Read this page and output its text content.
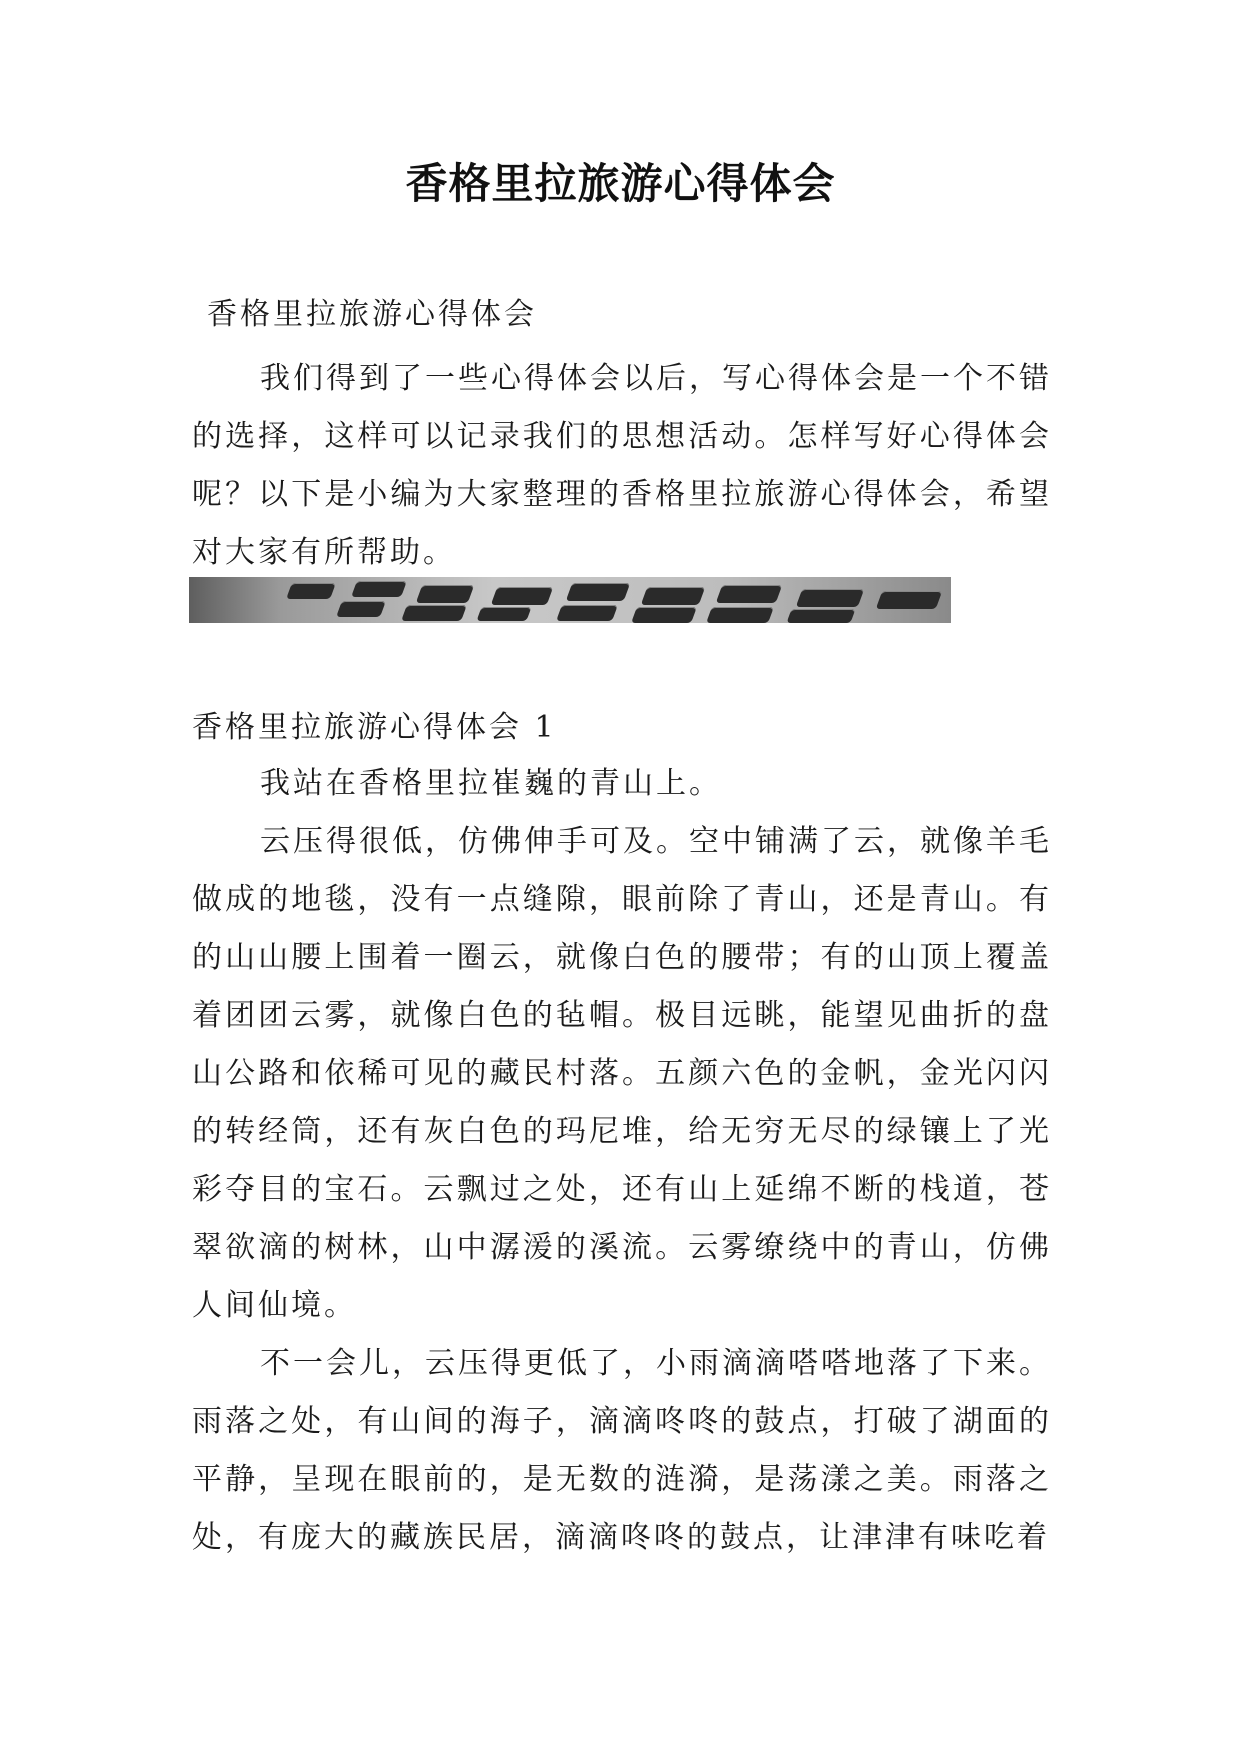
香格里拉旅游心得体会
香格里拉旅游心得体会

我们得到了一些心得体会以后，写心得体会是一个不错的选择，这样可以记录我们的思想活动。怎样写好心得体会呢？以下是小编为大家整理的香格里拉旅游心得体会，希望对大家有所帮助。

香格里拉旅游心得体会 1

我站在香格里拉崔巍的青山上。

云压得很低，仿佛伸手可及。空中铺满了云，就像羊毛做成的地毯，没有一点缝隙，眼前除了青山，还是青山。有的山山腰上围着一圈云，就像白色的腰带；有的山顶上覆盖着团团云雾，就像白色的毡帽。极目远眺，能望见曲折的盘山公路和依稀可见的藏民村落。五颜六色的金帆，金光闪闪的转经筒，还有灰白色的玛尼堆，给无穷无尽的绿镶上了光彩夺目的宝石。云飘过之处，还有山上延绵不断的栈道，苍翠欲滴的树林，山中潺湲的溪流。云雾缭绕中的青山，仿佛人间仙境。

不一会儿，云压得更低了，小雨滴滴嗒嗒地落了下来。雨落之处，有山间的海子，滴滴咚咚的鼓点，打破了湖面的平静，呈现在眼前的，是无数的涟漪，是荡漾之美。雨落之处，有庞大的藏族民居，滴滴咚咚的鼓点，让津津有味吃着
